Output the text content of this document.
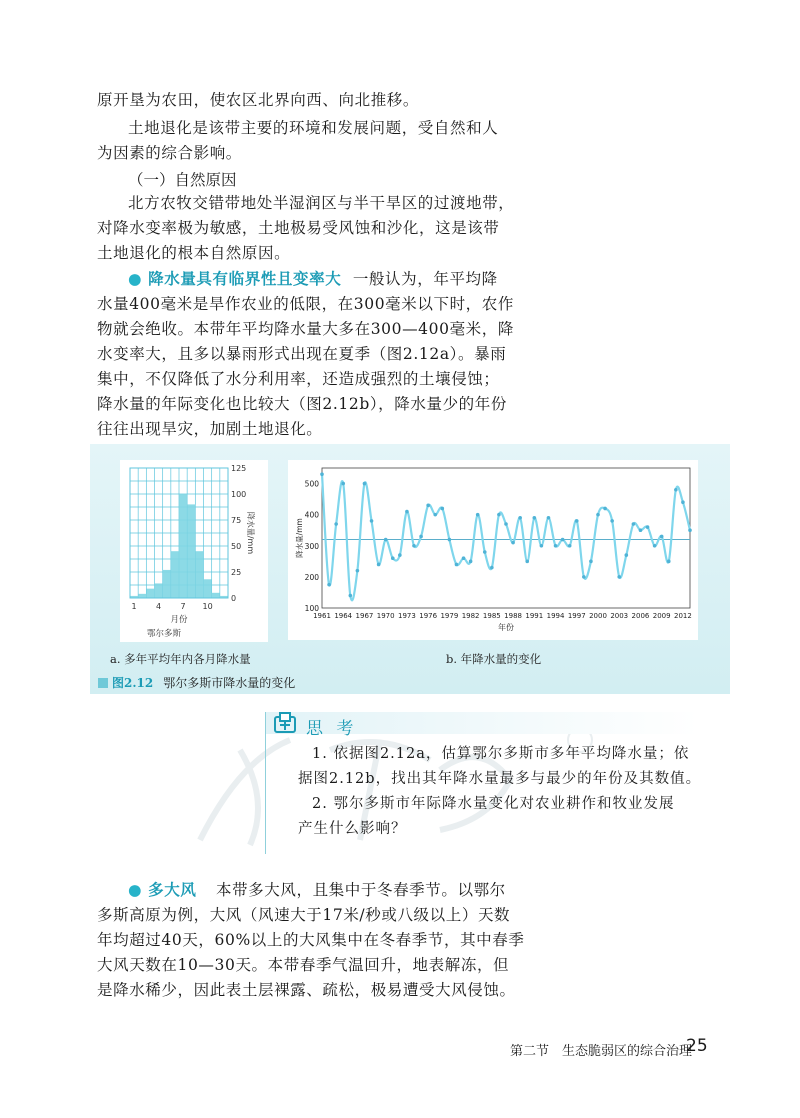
原开垦为农田，使农区北界向西、向北推移。
土地退化是该带主要的环境和发展问题，受自然和人
为因素的综合影响。
（一）自然原因
北方农牧交错带地处半湿润区与半干旱区的过渡地带，
对降水变率极为敏感，土地极易受风蚀和沙化，这是该带
土地退化的根本自然原因。
● 降水量具有临界性且变率大 一般认为，年平均降
水量400毫米是旱作农业的低限，在300毫米以下时，农作
物就会绝收。本带年平均降水量大多在300—400毫米，降
水变率大，且多以暴雨形式出现在夏季（图2.12a）。暴雨
集中，不仅降低了水分利用率，还造成强烈的土壤侵蚀；
降水量的年际变化也比较大（图2.12b），降水量少的年份
往往出现旱灾，加剧土地退化。
0
25
50
75
100
125
1 4 7 10
月份
鄂尔多斯
降水量/mm
100
200
300
400
500
1961 1964 1967 1970 1973 1976 1979 1982 1985 1988 1991 1994 1997 2000 2003 2006 2009 2012
年份
降水量/mm
a. 多年平均年内各月降水量	b. 年降水量的变化
图2.12 鄂尔多斯市降水量的变化
思 考
1. 依据图2.12a，估算鄂尔多斯市多年平均降水量；依
据图2.12b，找出其年降水量最多与最少的年份及其数值。
2. 鄂尔多斯市年际降水量变化对农业耕作和牧业发展
产生什么影响？
● 多大风 本带多大风，且集中于冬春季节。以鄂尔
多斯高原为例，大风（风速大于17米/秒或八级以上）天数
年均超过40天，60%以上的大风集中在冬春季节，其中春季
大风天数在10—30天。本带春季气温回升，地表解冻，但
是降水稀少，因此表土层裸露、疏松，极易遭受大风侵蚀。
第二节　生态脆弱区的综合治理
25
